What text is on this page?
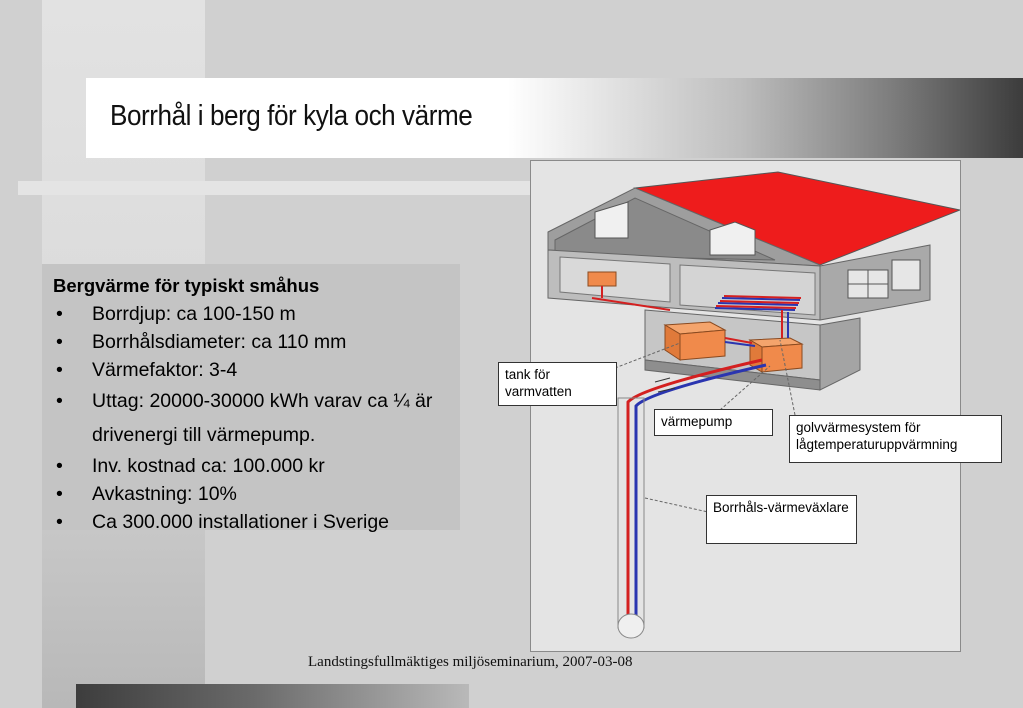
Borrhål i berg för kyla och värme
Bergvärme för typiskt småhus
• Borrdjup: ca 100-150 m
• Borrhålsdiameter: ca 110 mm
• Värmefaktor: 3-4
• Uttag: 20000-30000 kWh varav ca ¼ är drivenergi till värmepump.
• Inv. kostnad ca: 100.000 kr
• Avkastning: 10%
• Ca 300.000 installationer i Sverige
tank för varmvatten
värmepump	golvvärmesystem för lågtemperaturuppvärmning
Borrhåls-värmeväxlare
Landstingsfullmäktiges miljöseminarium, 2007-03-08
